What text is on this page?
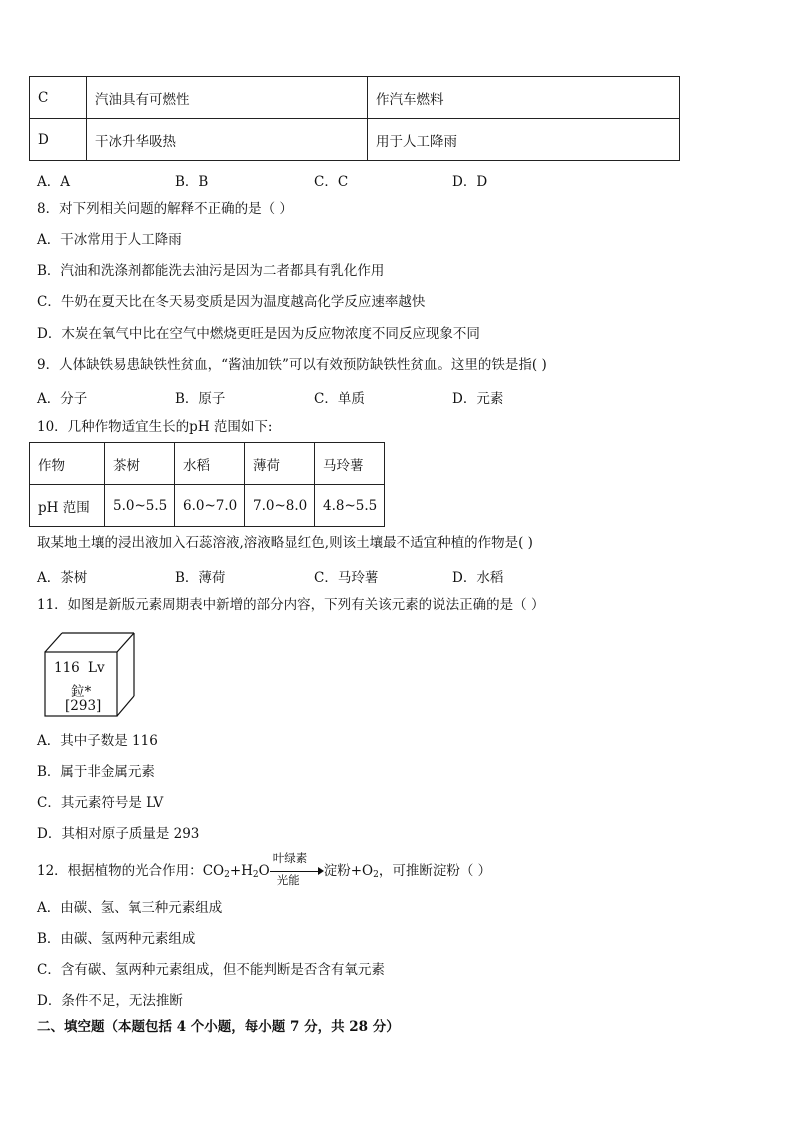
C	汽油具有可燃性	作汽车燃料
D	干冰升华吸热	用于人工降雨
A．A	B．B	C．C	D．D
8．对下列相关问题的解释不正确的是（ ）
A．干冰常用于人工降雨
B．汽油和洗涤剂都能洗去油污是因为二者都具有乳化作用
C．牛奶在夏天比在冬天易变质是因为温度越高化学反应速率越快
D．木炭在氧气中比在空气中燃烧更旺是因为反应物浓度不同反应现象不同
9．人体缺铁易患缺铁性贫血，“酱油加铁”可以有效预防缺铁性贫血。这里的铁是指( )
A．分子	B．原子	C．单质	D．元素
10．几种作物适宜生长的pH 范围如下:
作物	茶树	水稻	薄荷	马玲薯
pH 范围	5.0~5.5	6.0~7.0	7.0~8.0	4.8~5.5
取某地土壤的浸出液加入石蕊溶液,溶液略显红色,则该土壤最不适宜种植的作物是( )
A．茶树	B．薄荷	C．马玲薯	D．水稻
11．如图是新版元素周期表中新增的部分内容，下列有关该元素的说法正确的是（ ）
116 Lv
鉝*
[293]
A．其中子数是 116
B．属于非金属元素
C．其元素符号是 LV
D．其相对原子质量是 293
12．根据植物的光合作用：$CO_2+H_2O$
叶绿素
光能
淀粉$+O_2$，可推断淀粉（ ）
A．由碳、氢、氧三种元素组成
B．由碳、氢两种元素组成
C．含有碳、氢两种元素组成，但不能判断是否含有氧元素
D．条件不足，无法推断
二、填空题（本题包括 4 个小题，每小题 7 分，共 28 分）
